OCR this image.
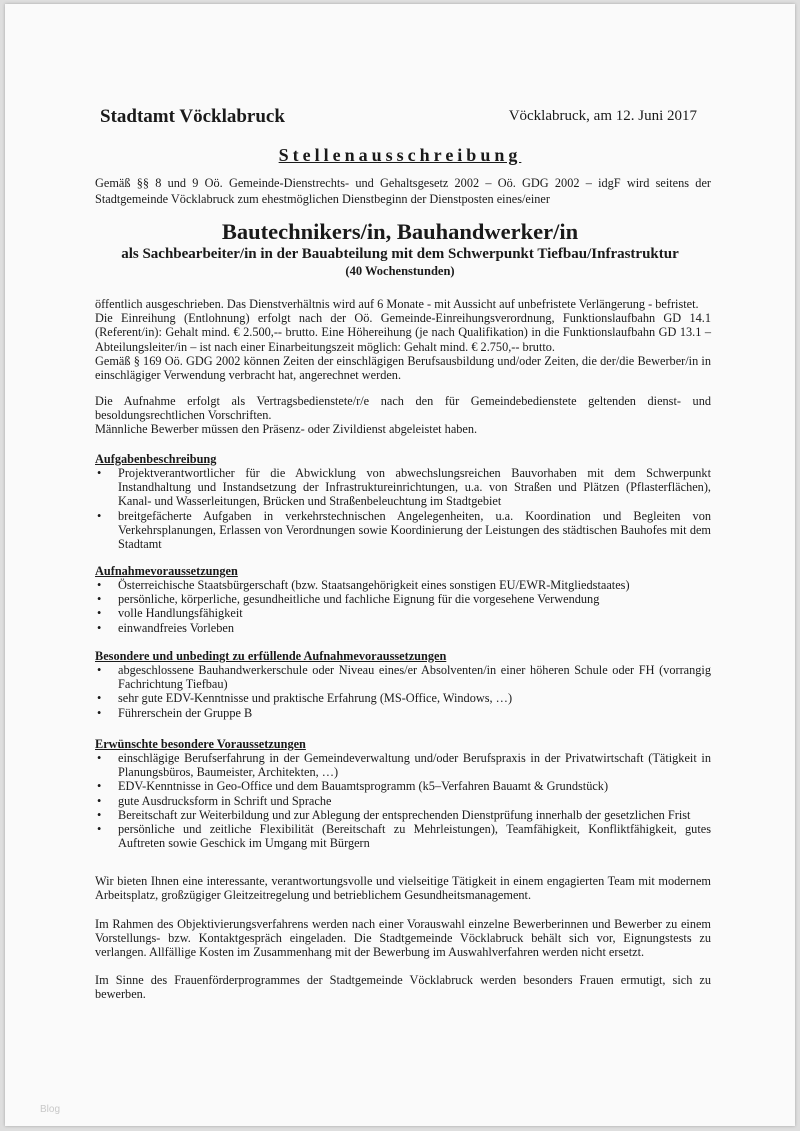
Stadtamt Vöcklabruck	Vöcklabruck, am 12. Juni 2017
Stellenausschreibung
Gemäß §§ 8 und 9 Oö. Gemeinde-Dienstrechts- und Gehaltsgesetz 2002 – Oö. GDG 2002 – idgF wird seitens der Stadtgemeinde Vöcklabruck zum ehestmöglichen Dienstbeginn der Dienstposten eines/einer
Bautechnikers/in, Bauhandwerker/in
als Sachbearbeiter/in in der Bauabteilung mit dem Schwerpunkt Tiefbau/Infrastruktur
(40 Wochenstunden)

öffentlich ausgeschrieben. Das Dienstverhältnis wird auf 6 Monate - mit Aussicht auf unbefristete Verlängerung - befristet.

Die Einreihung (Entlohnung) erfolgt nach der Oö. Gemeinde-Einreihungsverordnung, Funktionslaufbahn GD 14.1 (Referent/in): Gehalt mind. € 2.500,-- brutto. Eine Höhereihung (je nach Qualifikation) in die Funktionslaufbahn GD 13.1 – Abteilungsleiter/in – ist nach einer Einarbeitungszeit möglich: Gehalt mind. € 2.750,-- brutto.

Gemäß § 169 Oö. GDG 2002 können Zeiten der einschlägigen Berufsausbildung und/oder Zeiten, die der/die Bewerber/in in einschlägiger Verwendung verbracht hat, angerechnet werden.

Die Aufnahme erfolgt als Vertragsbedienstete/r/e nach den für Gemeindebedienstete geltenden dienst- und besoldungsrechtlichen Vorschriften.

Männliche Bewerber müssen den Präsenz- oder Zivildienst abgeleistet haben.

Aufgabenbeschreibung
• Projektverantwortlicher für die Abwicklung von abwechslungsreichen Bauvorhaben mit dem Schwerpunkt Instandhaltung und Instandsetzung der Infrastruktureinrichtungen, u.a. von Straßen und Plätzen (Pflasterflächen), Kanal- und Wasserleitungen, Brücken und Straßenbeleuchtung im Stadtgebiet
• breitgefächerte Aufgaben in verkehrstechnischen Angelegenheiten, u.a. Koordination und Begleiten von Verkehrsplanungen, Erlassen von Verordnungen sowie Koordinierung der Leistungen des städtischen Bauhofes mit dem Stadtamt
Aufnahmevoraussetzungen
• Österreichische Staatsbürgerschaft (bzw. Staatsangehörigkeit eines sonstigen EU/EWR-Mitgliedstaates)
• persönliche, körperliche, gesundheitliche und fachliche Eignung für die vorgesehene Verwendung
• volle Handlungsfähigkeit
• einwandfreies Vorleben
Besondere und unbedingt zu erfüllende Aufnahmevoraussetzungen
• abgeschlossene Bauhandwerkerschule oder Niveau eines/er Absolventen/in einer höheren Schule oder FH (vorrangig Fachrichtung Tiefbau)
• sehr gute EDV-Kenntnisse und praktische Erfahrung (MS-Office, Windows, …)
• Führerschein der Gruppe B
Erwünschte besondere Voraussetzungen
• einschlägige Berufserfahrung in der Gemeindeverwaltung und/oder Berufspraxis in der Privatwirtschaft (Tätigkeit in Planungsbüros, Baumeister, Architekten, …)
• EDV-Kenntnisse in Geo-Office und dem Bauamtsprogramm (k5–Verfahren Bauamt & Grundstück)
• gute Ausdrucksform in Schrift und Sprache
• Bereitschaft zur Weiterbildung und zur Ablegung der entsprechenden Dienstprüfung innerhalb der gesetzlichen Frist
• persönliche und zeitliche Flexibilität (Bereitschaft zu Mehrleistungen), Teamfähigkeit, Konfliktfähigkeit, gutes Auftreten sowie Geschick im Umgang mit Bürgern
Wir bieten Ihnen eine interessante, verantwortungsvolle und vielseitige Tätigkeit in einem engagierten Team mit modernem Arbeitsplatz, großzügiger Gleitzeitregelung und betrieblichem Gesundheitsmanagement.
Im Rahmen des Objektivierungsverfahrens werden nach einer Vorauswahl einzelne Bewerberinnen und Bewerber zu einem Vorstellungs- bzw. Kontaktgespräch eingeladen. Die Stadtgemeinde Vöcklabruck behält sich vor, Eignungstests zu verlangen. Allfällige Kosten im Zusammenhang mit der Bewerbung im Auswahlverfahren werden nicht ersetzt.
Im Sinne des Frauenförderprogrammes der Stadtgemeinde Vöcklabruck werden besonders Frauen ermutigt, sich zu bewerben.
Blog
